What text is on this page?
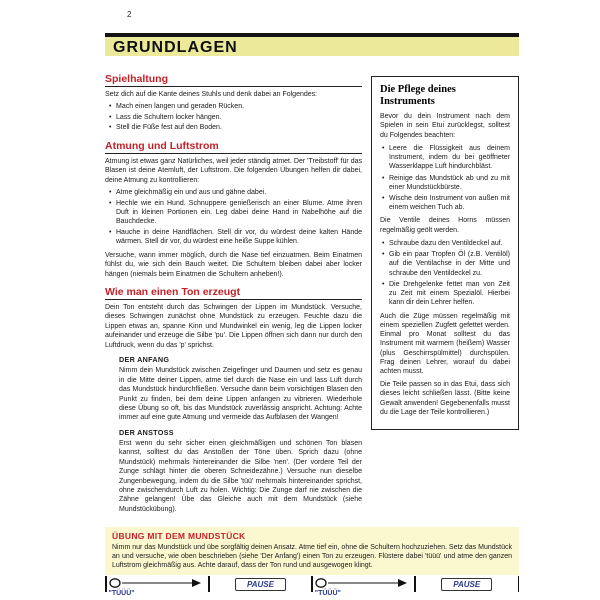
2
GRUNDLAGEN
Spielhaltung

Setz dich auf die Kante deines Stuhls und denk dabei an Folgendes:

• Mach einen langen und geraden Rücken.
• Lass die Schultern locker hängen.
• Stell die Füße fest auf den Boden.
Atmung und Luftstrom

Atmung ist etwas ganz Natürliches, weil jeder ständig atmet. Der 'Treibstoff' für das Blasen ist deine Atemluft, der Luftstrom. Die folgenden Übungen helfen dir dabei, deine Atmung zu kontrollieren:

• Atme gleichmäßig ein und aus und gähne dabei.
• Hechle wie ein Hund. Schnuppere genießerisch an einer Blume. Atme ihren Duft in kleinen Portionen ein. Leg dabei deine Hand in Nabelhöhe auf die Bauchdecke.
• Hauche in deine Handflächen. Stell dir vor, du würdest deine kalten Hände wärmen. Stell dir vor, du würdest eine heiße Suppe kühlen.

Versuche, wann immer möglich, durch die Nase tief einzuatmen. Beim Einatmen fühlst du, wie sich dein Bauch weitet. Die Schultern bleiben dabei aber locker hängen (niemals beim Einatmen die Schultern anheben!).

Wie man einen Ton erzeugt

Dein Ton entsteht durch das Schwingen der Lippen im Mundstück. Versuche, dieses Schwingen zunächst ohne Mundstück zu erzeugen. Feuchte dazu die Lippen etwas an, spanne Kinn und Mundwinkel ein wenig, leg die Lippen locker aufeinander und erzeuge die Silbe 'pu'. Die Lippen öffnen sich dann nur durch den Luftdruck, wenn du das 'p' sprichst.

DER ANFANG

Nimm dein Mundstück zwischen Zeigefinger und Daumen und setz es genau in die Mitte deiner Lippen, atme tief durch die Nase ein und lass Luft durch das Mundstück hindurchfließen. Versuche dann beim vorsichtigen Blasen den Punkt zu finden, bei dem deine Lippen anfangen zu vibrieren. Wiederhole diese Übung so oft, bis das Mundstück zuverlässig anspricht. Achtung: Achte immer auf eine gute Atmung und vermeide das Aufblasen der Wangen!

DER ANSTOSS

Erst wenn du sehr sicher einen gleichmäßigen und schönen Ton blasen kannst, solltest du das Anstoßen der Töne üben. Sprich dazu (ohne Mundstück) mehrmals hintereinander die Silbe 'nen'. (Der vordere Teil der Zunge schlägt hinter die oberen Schneidezähne.) Versuche nun dieselbe Zungenbewegung, indem du die Silbe 'tüü' mehrmals hintereinander sprichst, ohne zwischendurch Luft zu holen. Wichtig: Die Zunge darf nie zwischen die Zähne gelangen! Übe das Gleiche auch mit dem Mundstück (siehe Mundstückübung).

Die Pflege deines Instruments

Bevor du dein Instrument nach dem Spielen in sein Etui zurücklegst, solltest du Folgendes beachten:

• Leere die Flüssigkeit aus deinem Instrument, indem du bei geöffneter Wasserklappe Luft hindurchbläst.
• Reinige das Mundstück ab und zu mit einer Mundstückbürste.
• Wische dein Instrument von außen mit einem weichen Tuch ab.

Die Ventile deines Horns müssen regelmäßig geölt werden.

• Schraube dazu den Ventildeckel auf.
• Gib ein paar Tropfen Öl (z.B. Ventilöl) auf die Ventilachse in der Mitte und schraube den Ventildeckel zu.
• Die Drehgelenke fettet man von Zeit zu Zeit mit einem Spezialöl. Hierbei kann dir dein Lehrer helfen.

Auch die Züge müssen regelmäßig mit einem speziellen Zugfett gefettet werden. Einmal pro Monat solltest du das Instrument mit warmem (heißem) Wasser (plus Geschirrspülmittel) durchspülen. Frag deinen Lehrer, worauf du dabei achten musst.

Die Teile passen so in das Etui, dass sich dieses leicht schließen lässt. (Bitte keine Gewalt anwenden! Gegebenenfalls musst du die Lage der Teile kontrollieren.)

ÜBUNG MIT DEM MUNDSTÜCK

Nimm nur das Mundstück und übe sorgfältig deinen Ansatz. Atme tief ein, ohne die Schultern hochzuziehen. Setz das Mundstück an und versuche, wie oben beschrieben (siehe 'Der Anfang') einen Ton zu erzeugen. Flüstere dabei 'tüüü' und atme den ganzen Luftstrom gleichmäßig aus. Achte darauf, dass der Ton rund und ausgewogen klingt.

"TÜÜÜ"
PAUSE
"TÜÜÜ"
PAUSE
